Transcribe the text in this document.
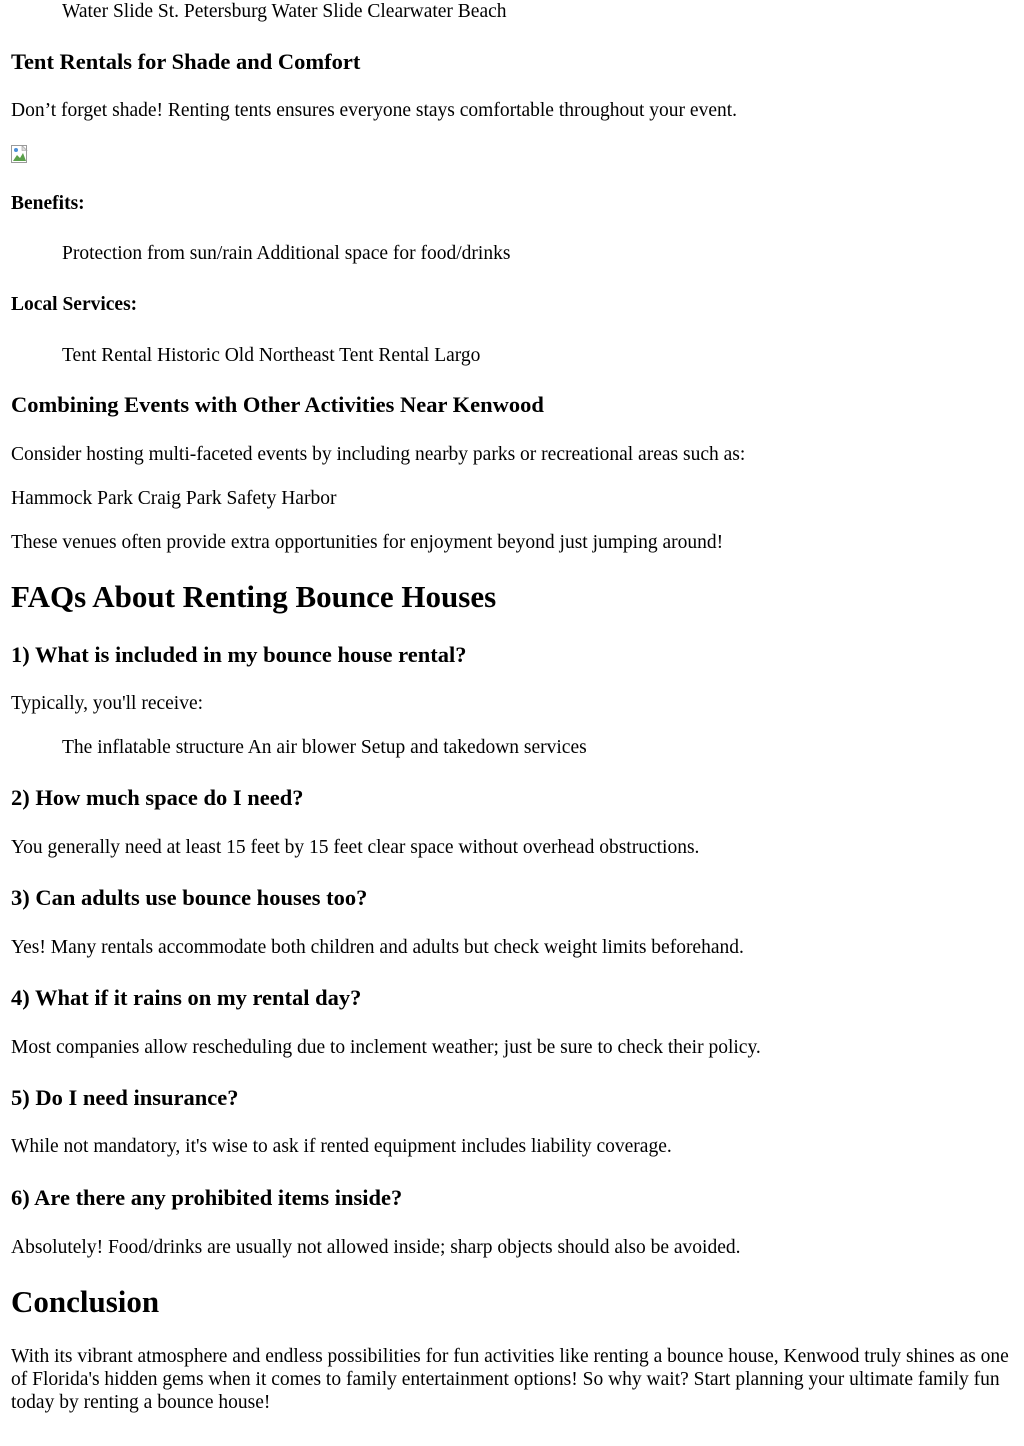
Water Slide St. Petersburg Water Slide Clearwater Beach

Tent Rentals for Shade and Comfort

Don’t forget shade! Renting tents ensures everyone stays comfortable throughout your event.

Benefits:

Protection from sun/rain Additional space for food/drinks

Local Services:

Tent Rental Historic Old Northeast Tent Rental Largo

Combining Events with Other Activities Near Kenwood

Consider hosting multi-faceted events by including nearby parks or recreational areas such as:

Hammock Park Craig Park Safety Harbor

These venues often provide extra opportunities for enjoyment beyond just jumping around!

FAQs About Renting Bounce Houses
1) What is included in my bounce house rental?

Typically, you'll receive:

The inflatable structure An air blower Setup and takedown services

2) How much space do I need?

You generally need at least 15 feet by 15 feet clear space without overhead obstructions.

3) Can adults use bounce houses too?

Yes! Many rentals accommodate both children and adults but check weight limits beforehand.

4) What if it rains on my rental day?

Most companies allow rescheduling due to inclement weather; just be sure to check their policy.

5) Do I need insurance?

While not mandatory, it's wise to ask if rented equipment includes liability coverage.

6) Are there any prohibited items inside?

Absolutely! Food/drinks are usually not allowed inside; sharp objects should also be avoided.

Conclusion

With its vibrant atmosphere and endless possibilities for fun activities like renting a bounce house, Kenwood truly shines as one of Florida's hidden gems when it comes to family entertainment options! So why wait? Start planning your ultimate family fun today by renting a bounce house!
